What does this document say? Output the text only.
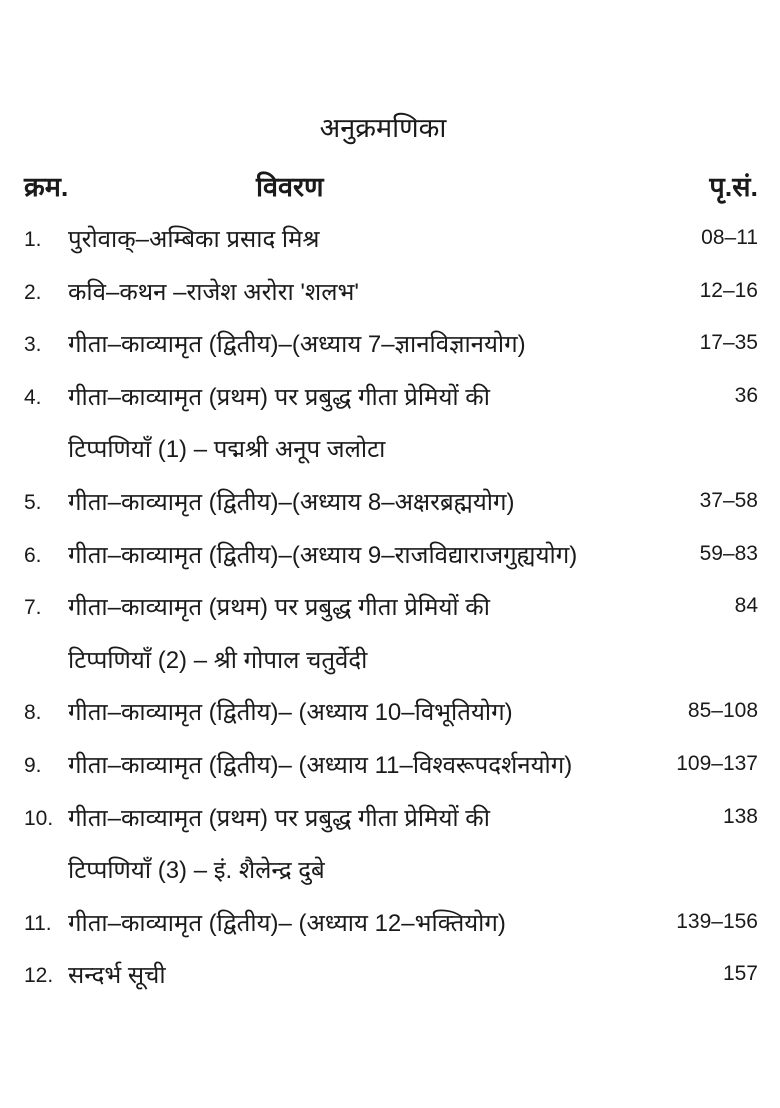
अनुक्रमणिका
क्रम.	विवरण	पृ.सं.
1. पुरोवाक्–अम्बिका प्रसाद मिश्र	08–11
2. कवि–कथन –राजेश अरोरा 'शलभ'	12–16
3. गीता–काव्यामृत (द्वितीय)–(अध्याय 7–ज्ञानविज्ञानयोग)	17–35
4. गीता–काव्यामृत (प्रथम) पर प्रबुद्ध गीता प्रेमियों की	36
टिप्पणियाँ (1) – पद्मश्री अनूप जलोटा
5. गीता–काव्यामृत (द्वितीय)–(अध्याय 8–अक्षरब्रह्मयोग)	37–58
6. गीता–काव्यामृत (द्वितीय)–(अध्याय 9–राजविद्याराजगुह्ययोग)	59–83
7. गीता–काव्यामृत (प्रथम) पर प्रबुद्ध गीता प्रेमियों की	84
टिप्पणियाँ (2) – श्री गोपाल चतुर्वेदी
8. गीता–काव्यामृत (द्वितीय)– (अध्याय 10–विभूतियोग)	85–108
9. गीता–काव्यामृत (द्वितीय)– (अध्याय 11–विश्वरूपदर्शनयोग)	109–137
10. गीता–काव्यामृत (प्रथम) पर प्रबुद्ध गीता प्रेमियों की	138
टिप्पणियाँ (3) – इं. शैलेन्द्र दुबे
11. गीता–काव्यामृत (द्वितीय)– (अध्याय 12–भक्तियोग)	139–156
12. सन्दर्भ सूची	157
